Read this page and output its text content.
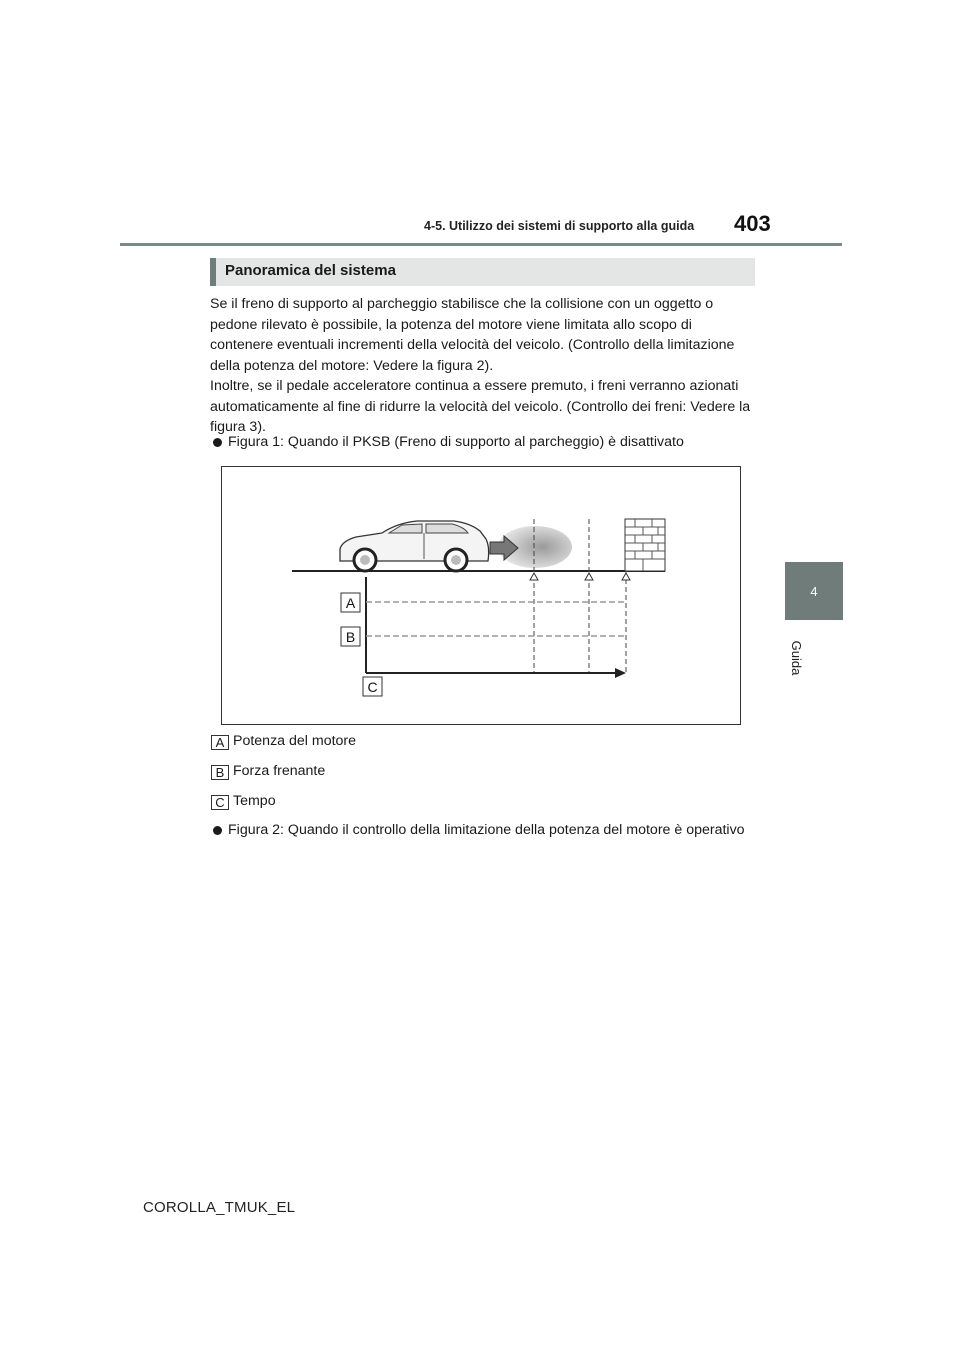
4-5. Utilizzo dei sistemi di supporto alla guida 403
4
Guida
Panoramica del sistema

Se il freno di supporto al parcheggio stabilisce che la collisione con un oggetto o pedone rilevato è possibile, la potenza del motore viene limitata allo scopo di contenere eventuali incrementi della velocità del veicolo. (Controllo della limitazione della potenza del motore: Vedere la figura 2).

Inoltre, se il pedale acceleratore continua a essere premuto, i freni verranno azionati automaticamente al fine di ridurre la velocità del veicolo. (Controllo dei freni: Vedere la figura 3).

Figura 1: Quando il PKSB (Freno di supporto al parcheggio) è disattivato
A
B
C
A Potenza del motore
B Forza frenante
C Tempo
Figura 2: Quando il controllo della limitazione della potenza del motore è operativo
COROLLA_TMUK_EL
